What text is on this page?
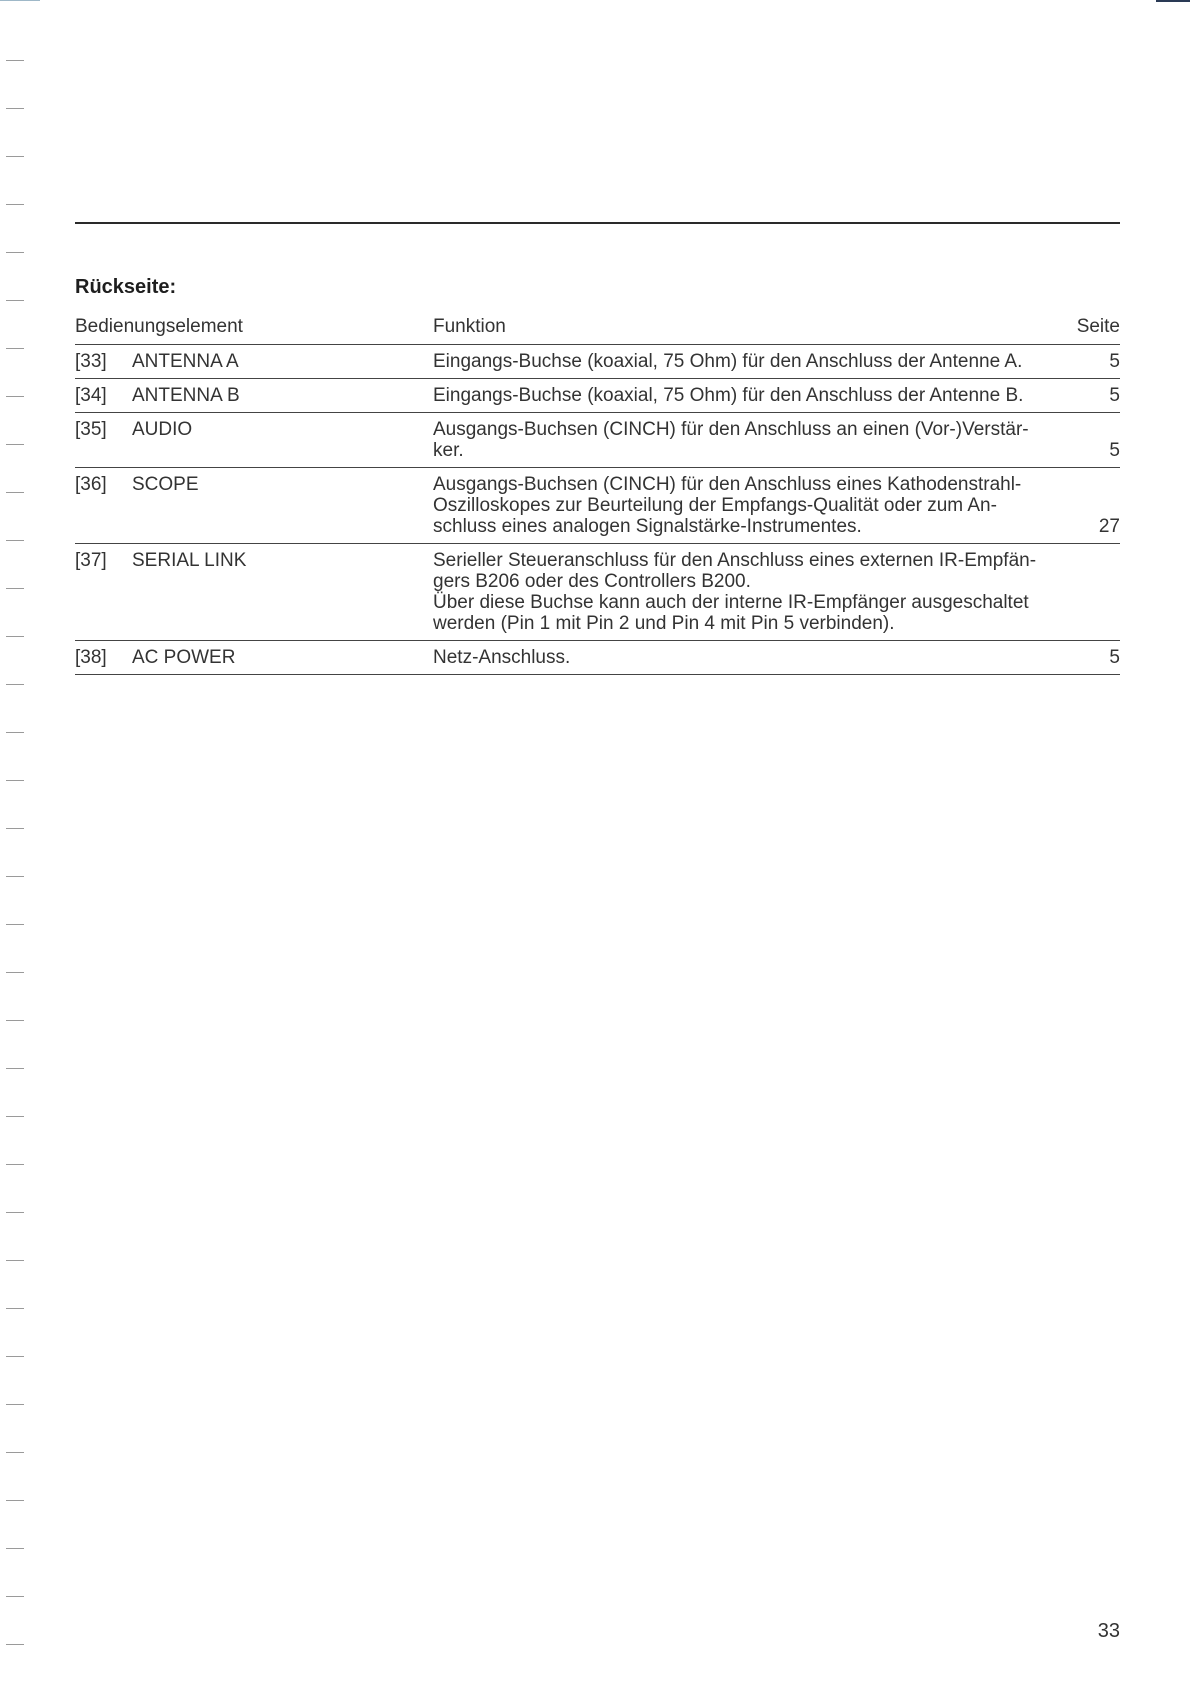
Rückseite:
Bedienungselement	Funktion	Seite
[33] ANTENNA A	Eingangs-Buchse (koaxial, 75 Ohm) für den Anschluss der Antenne A.	5
[34] ANTENNA B	Eingangs-Buchse (koaxial, 75 Ohm) für den Anschluss der Antenne B.	5
[35] AUDIO	Ausgangs-Buchsen (CINCH) für den Anschluss an einen (Vor-)Verstär-
ker.	5
[36] SCOPE	Ausgangs-Buchsen (CINCH) für den Anschluss eines Kathodenstrahl-
Oszilloskopes zur Beurteilung der Empfangs-Qualität oder zum An-
schluss eines analogen Signalstärke-Instrumentes.	27
[37] SERIAL LINK	Serieller Steueranschluss für den Anschluss eines externen IR-Empfän-
gers B206 oder des Controllers B200.
Über diese Buchse kann auch der interne IR-Empfänger ausgeschaltet
werden (Pin 1 mit Pin 2 und Pin 4 mit Pin 5 verbinden).	

[38] AC POWER	Netz-Anschluss.	5
33
